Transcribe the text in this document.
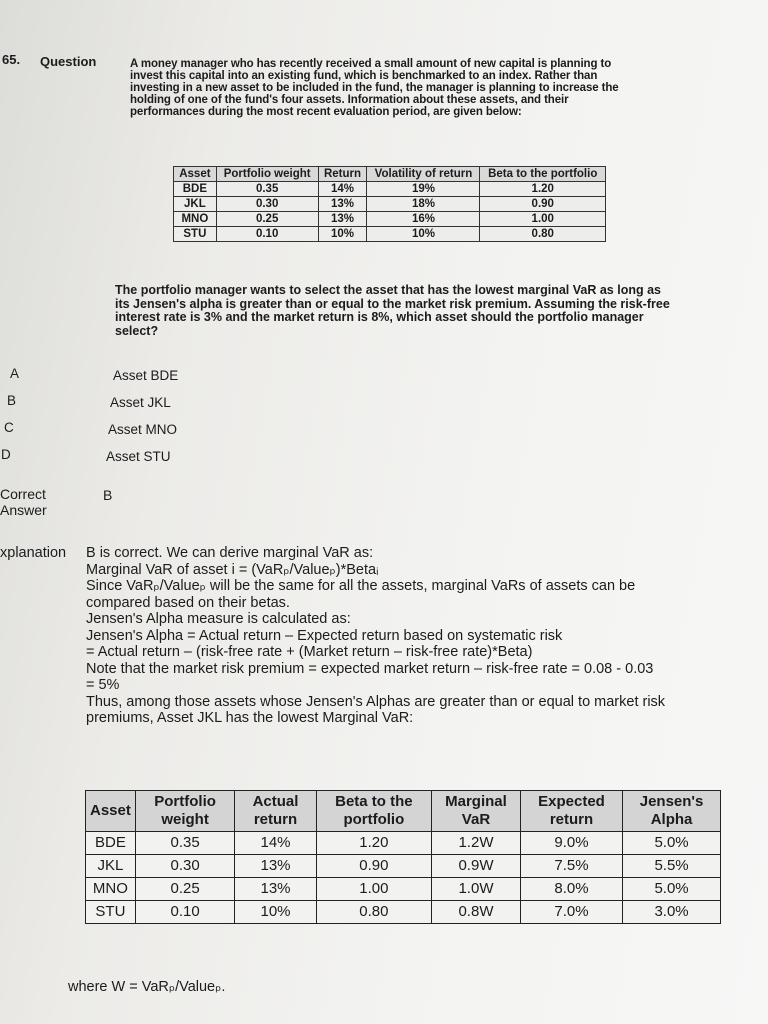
65. Question	A money manager who has recently received a small amount of new capital is planning to invest this capital into an existing fund, which is benchmarked to an index. Rather than investing in a new asset to be included in the fund, the manager is planning to increase the holding of one of the fund's four assets. Information about these assets, and their performances during the most recent evaluation period, are given below:
Asset	Portfolio weight	Return	Volatility of return	Beta to the portfolio
BDE	0.35	14%	19%	1.20
JKL	0.30	13%	18%	0.90
MNO	0.25	13%	16%	1.00
STU	0.10	10%	10%	0.80
The portfolio manager wants to select the asset that has the lowest marginal VaR as long as its Jensen's alpha is greater than or equal to the market risk premium. Assuming the risk-free interest rate is 3% and the market return is 8%, which asset should the portfolio manager select?
A	Asset BDE
B	Asset JKL
C	Asset MNO
D	Asset STU
Correct
Answer
B
xplanation B is correct. We can derive marginal VaR as:
Marginal VaR of asset i = (VaRₚ/Valueₚ)*Betaᵢ
Since VaRₚ/Valueₚ will be the same for all the assets, marginal VaRs of assets can be compared based on their betas.
Jensen's Alpha measure is calculated as:
Jensen's Alpha = Actual return – Expected return based on systematic risk
= Actual return – (risk-free rate + (Market return – risk-free rate)*Beta)
Note that the market risk premium = expected market return – risk-free rate = 0.08 - 0.03
= 5%
Thus, among those assets whose Jensen's Alphas are greater than or equal to market risk premiums, Asset JKL has the lowest Marginal VaR:
Asset	Portfolio weight	Actual return	Beta to the portfolio	Marginal VaR	Expected return	Jensen's Alpha
BDE	0.35	14%	1.20	1.2W	9.0%	5.0%
JKL	0.30	13%	0.90	0.9W	7.5%	5.5%
MNO	0.25	13%	1.00	1.0W	8.0%	5.0%
STU	0.10	10%	0.80	0.8W	7.0%	3.0%
where W = VaRₚ/Valueₚ.
